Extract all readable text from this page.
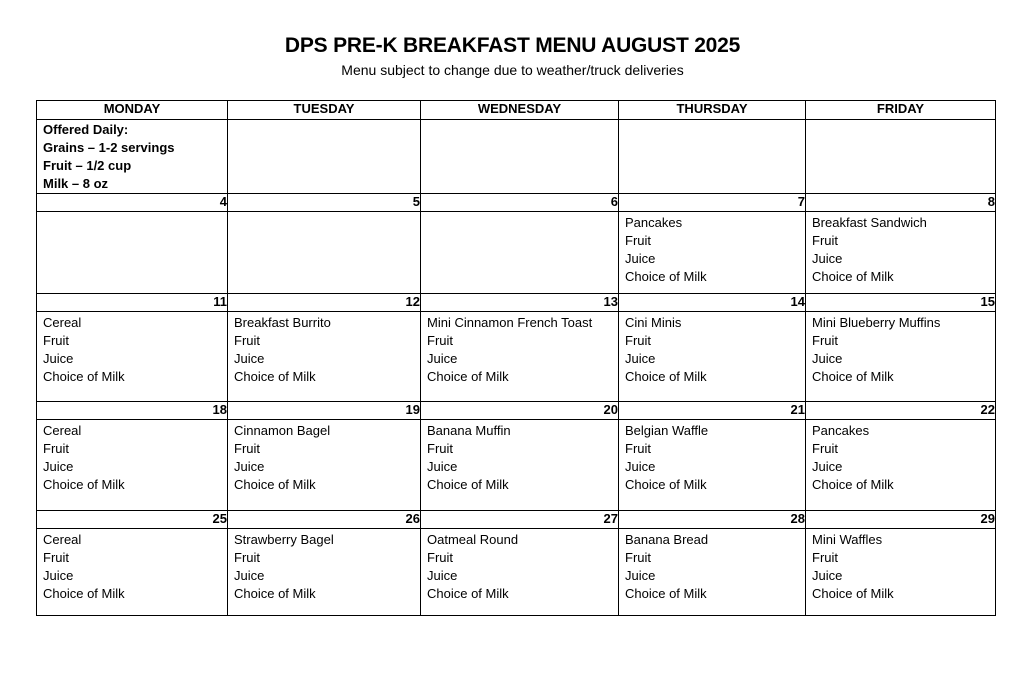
DPS PRE-K BREAKFAST MENU AUGUST 2025
Menu subject to change due to weather/truck deliveries
MONDAY	TUESDAY	WEDNESDAY	THURSDAY	FRIDAY

Offered Daily:
Grains – 1-2 servings
Fruit – 1/2 cup
Milk – 8 oz				

4	5	6	7	8

			Pancakes
Fruit
Juice
Choice of Milk	Breakfast Sandwich
Fruit
Juice
Choice of Milk

11	12	13	14	15

Cereal
Fruit
Juice
Choice of Milk	Breakfast Burrito
Fruit
Juice
Choice of Milk	Mini Cinnamon French Toast
Fruit
Juice
Choice of Milk	Cini Minis
Fruit
Juice
Choice of Milk	Mini Blueberry Muffins
Fruit
Juice
Choice of Milk

18	19	20	21	22

Cereal
Fruit
Juice
Choice of Milk	Cinnamon Bagel
Fruit
Juice
Choice of Milk	Banana Muffin
Fruit
Juice
Choice of Milk	Belgian Waffle
Fruit
Juice
Choice of Milk	Pancakes
Fruit
Juice
Choice of Milk

25	26	27	28	29

Cereal
Fruit
Juice
Choice of Milk	Strawberry Bagel
Fruit
Juice
Choice of Milk	Oatmeal Round
Fruit
Juice
Choice of Milk	Banana Bread
Fruit
Juice
Choice of Milk	Mini Waffles
Fruit
Juice
Choice of Milk
